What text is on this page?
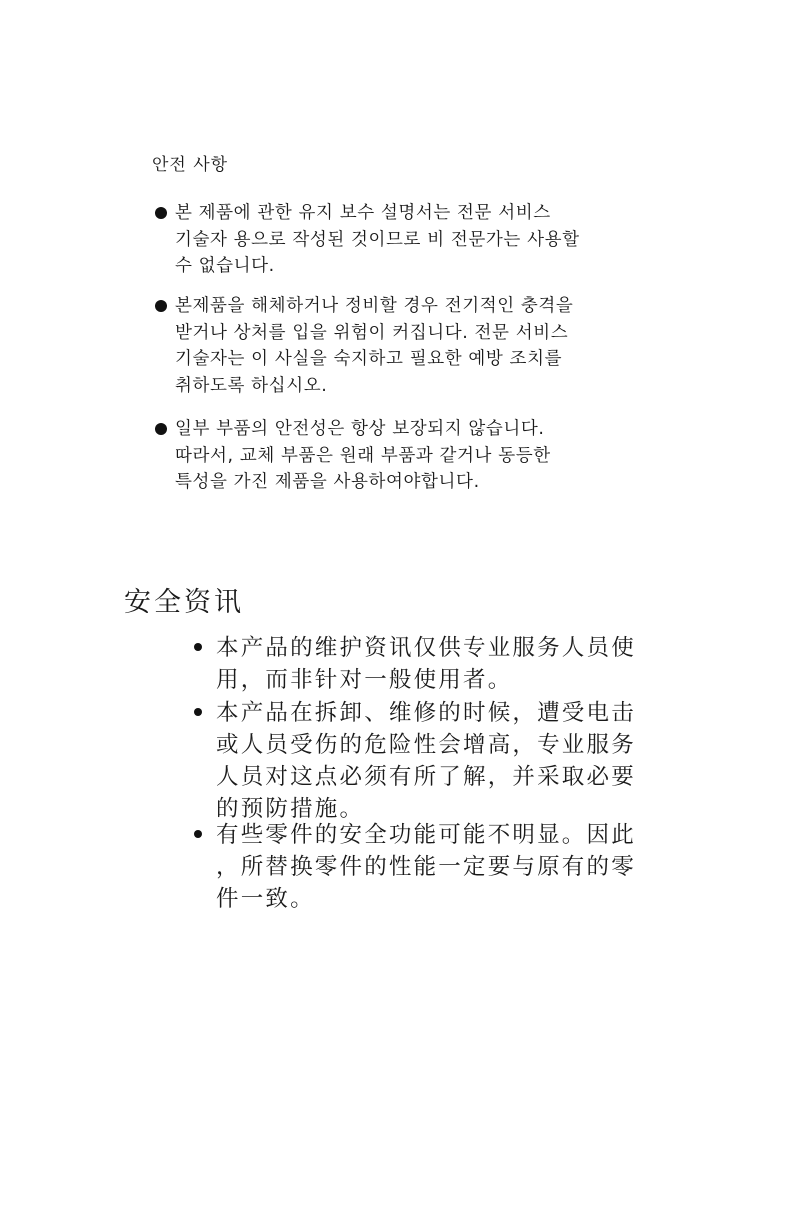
안전 사항
본 제품에 관한 유지 보수 설명서는 전문 서비스
기술자 용으로 작성된 것이므로 비 전문가는 사용할
수 없습니다.
본제품을 해체하거나 정비할 경우 전기적인 충격을
받거나 상처를 입을 위험이 커집니다. 전문 서비스
기술자는 이 사실을 숙지하고 필요한 예방 조치를
취하도록 하십시오.
일부 부품의 안전성은 항상 보장되지 않습니다.
따라서, 교체 부품은 원래 부품과 같거나 동등한
특성을 가진 제품을 사용하여야합니다.
安全资讯
本产品的维护资讯仅供专业服务人员使
用，而非针对一般使用者。
本产品在拆卸、维修的时候，遭受电击
或人员受伤的危险性会增高，专业服务
人员对这点必须有所了解，并采取必要
的预防措施。
有些零件的安全功能可能不明显。因此
，所替换零件的性能一定要与原有的零
件一致。
